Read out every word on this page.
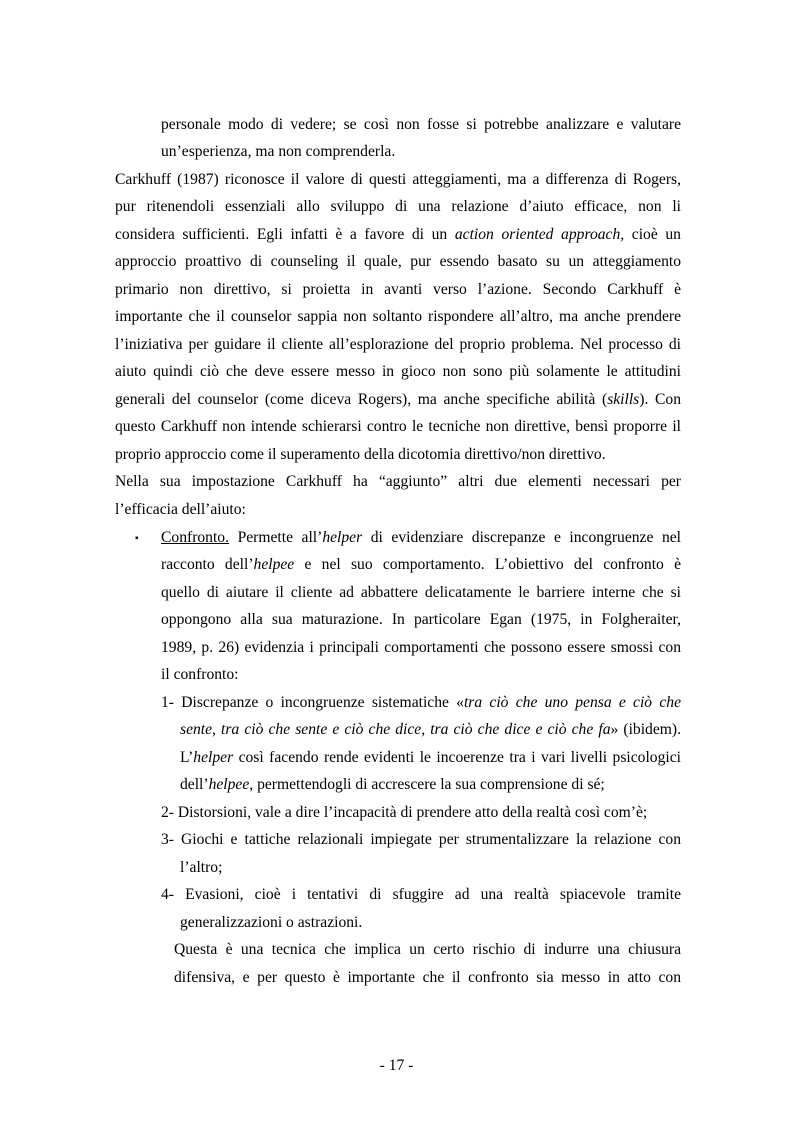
personale modo di vedere; se così non fosse si potrebbe analizzare e valutare
un’esperienza, ma non comprenderla.
Carkhuff (1987) riconosce il valore di questi atteggiamenti, ma a differenza di Rogers,
pur ritenendoli essenziali allo sviluppo di una relazione d’aiuto efficace, non li
considera sufficienti. Egli infatti è a favore di un action oriented approach, cioè un
approccio proattivo di counseling il quale, pur essendo basato su un atteggiamento
primario non direttivo, si proietta in avanti verso l’azione. Secondo Carkhuff è
importante che il counselor sappia non soltanto rispondere all’altro, ma anche prendere
l’iniziativa per guidare il cliente all’esplorazione del proprio problema. Nel processo di
aiuto quindi ciò che deve essere messo in gioco non sono più solamente le attitudini
generali del counselor (come diceva Rogers), ma anche specifiche abilità (skills). Con
questo Carkhuff non intende schierarsi contro le tecniche non direttive, bensì proporre il
proprio approccio come il superamento della dicotomia direttivo/non direttivo.
Nella sua impostazione Carkhuff ha “aggiunto” altri due elementi necessari per
l’efficacia dell’aiuto:
▪ Confronto. Permette all’helper di evidenziare discrepanze e incongruenze nel
racconto dell’helpee e nel suo comportamento. L’obiettivo del confronto è
quello di aiutare il cliente ad abbattere delicatamente le barriere interne che si
oppongono alla sua maturazione. In particolare Egan (1975, in Folgheraiter,
1989, p. 26) evidenzia i principali comportamenti che possono essere smossi con
il confronto:
1- Discrepanze o incongruenze sistematiche «tra ciò che uno pensa e ciò che
sente, tra ciò che sente e ciò che dice, tra ciò che dice e ciò che fa» (ibidem).
L’helper così facendo rende evidenti le incoerenze tra i vari livelli psicologici
dell’helpee, permettendogli di accrescere la sua comprensione di sé;
2- Distorsioni, vale a dire l’incapacità di prendere atto della realtà così com’è;
3- Giochi e tattiche relazionali impiegate per strumentalizzare la relazione con
l’altro;
4- Evasioni, cioè i tentativi di sfuggire ad una realtà spiacevole tramite
generalizzazioni o astrazioni.
Questa è una tecnica che implica un certo rischio di indurre una chiusura
difensiva, e per questo è importante che il confronto sia messo in atto con
- 17 -
